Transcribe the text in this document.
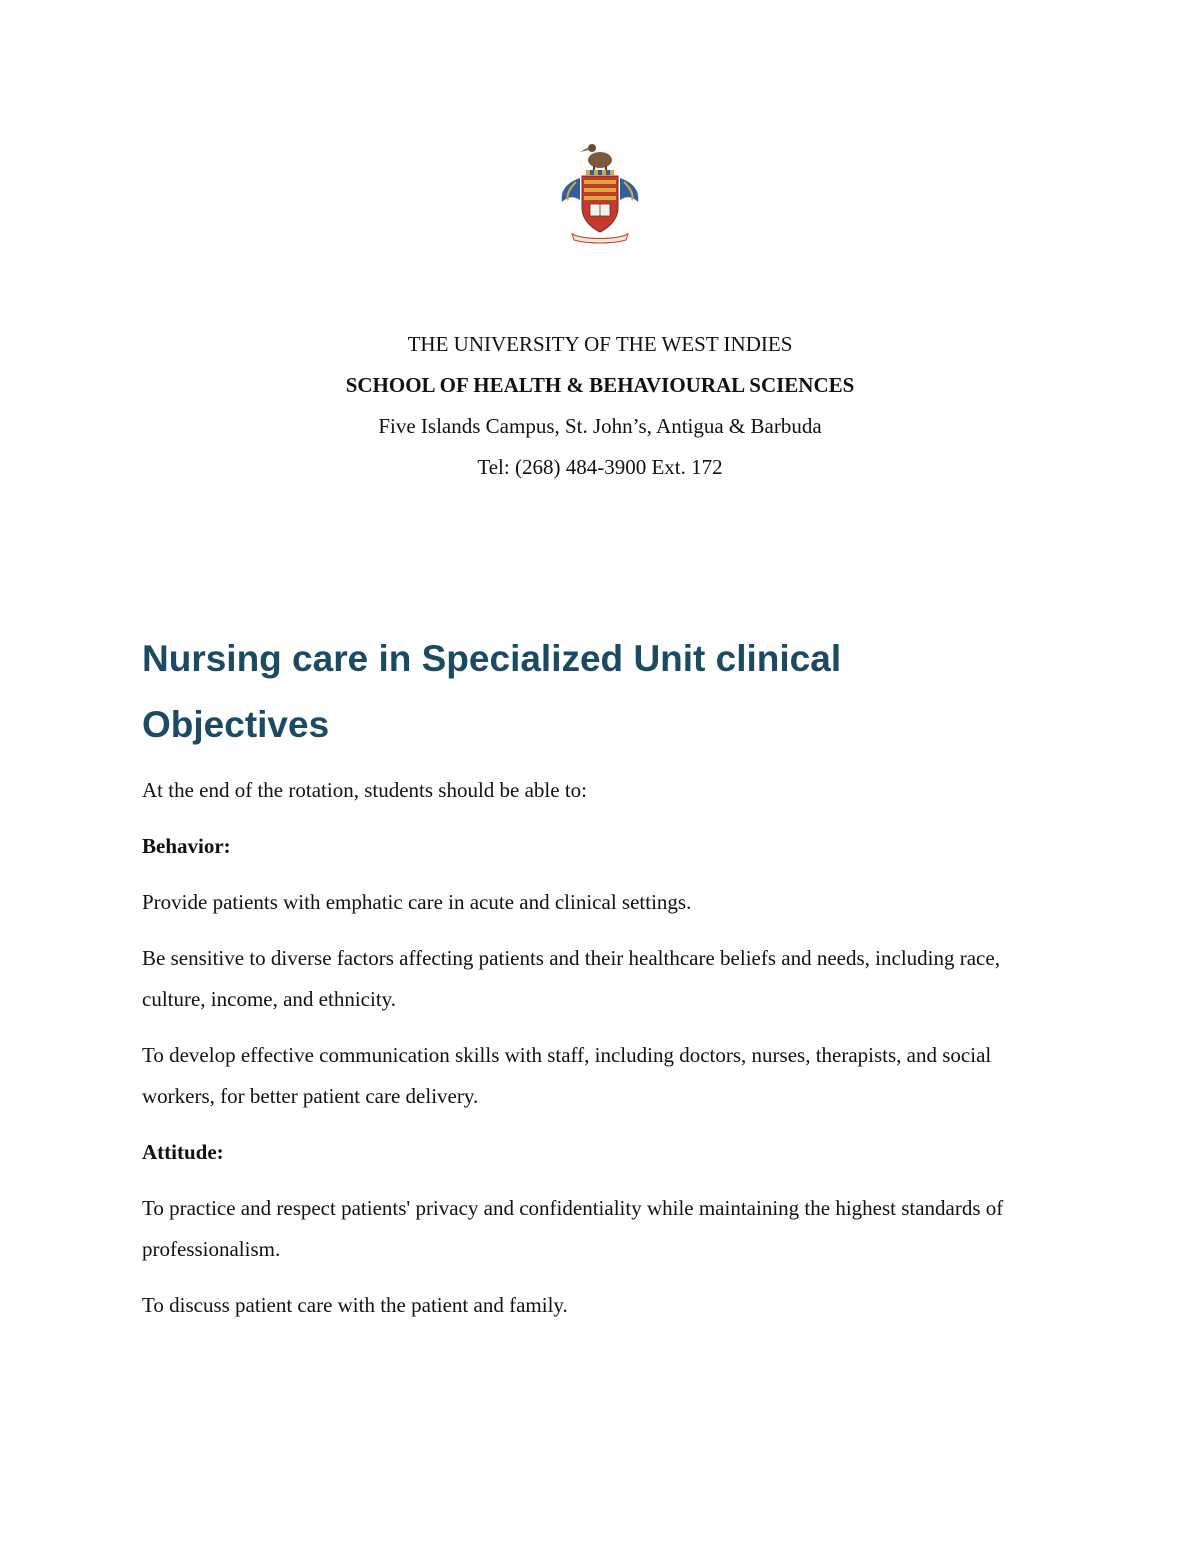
THE UNIVERSITY OF THE WEST INDIES
SCHOOL OF HEALTH & BEHAVIOURAL SCIENCES
Five Islands Campus, St. John’s, Antigua & Barbuda
Tel: (268) 484-3900 Ext. 172
Nursing care in Specialized Unit clinical
Objectives

At the end of the rotation, students should be able to:

Behavior:

Provide patients with emphatic care in acute and clinical settings.

Be sensitive to diverse factors affecting patients and their healthcare beliefs and needs, including race, culture, income, and ethnicity.

To develop effective communication skills with staff, including doctors, nurses, therapists, and social workers, for better patient care delivery.

Attitude:

To practice and respect patients' privacy and confidentiality while maintaining the highest standards of professionalism.

To discuss patient care with the patient and family.
